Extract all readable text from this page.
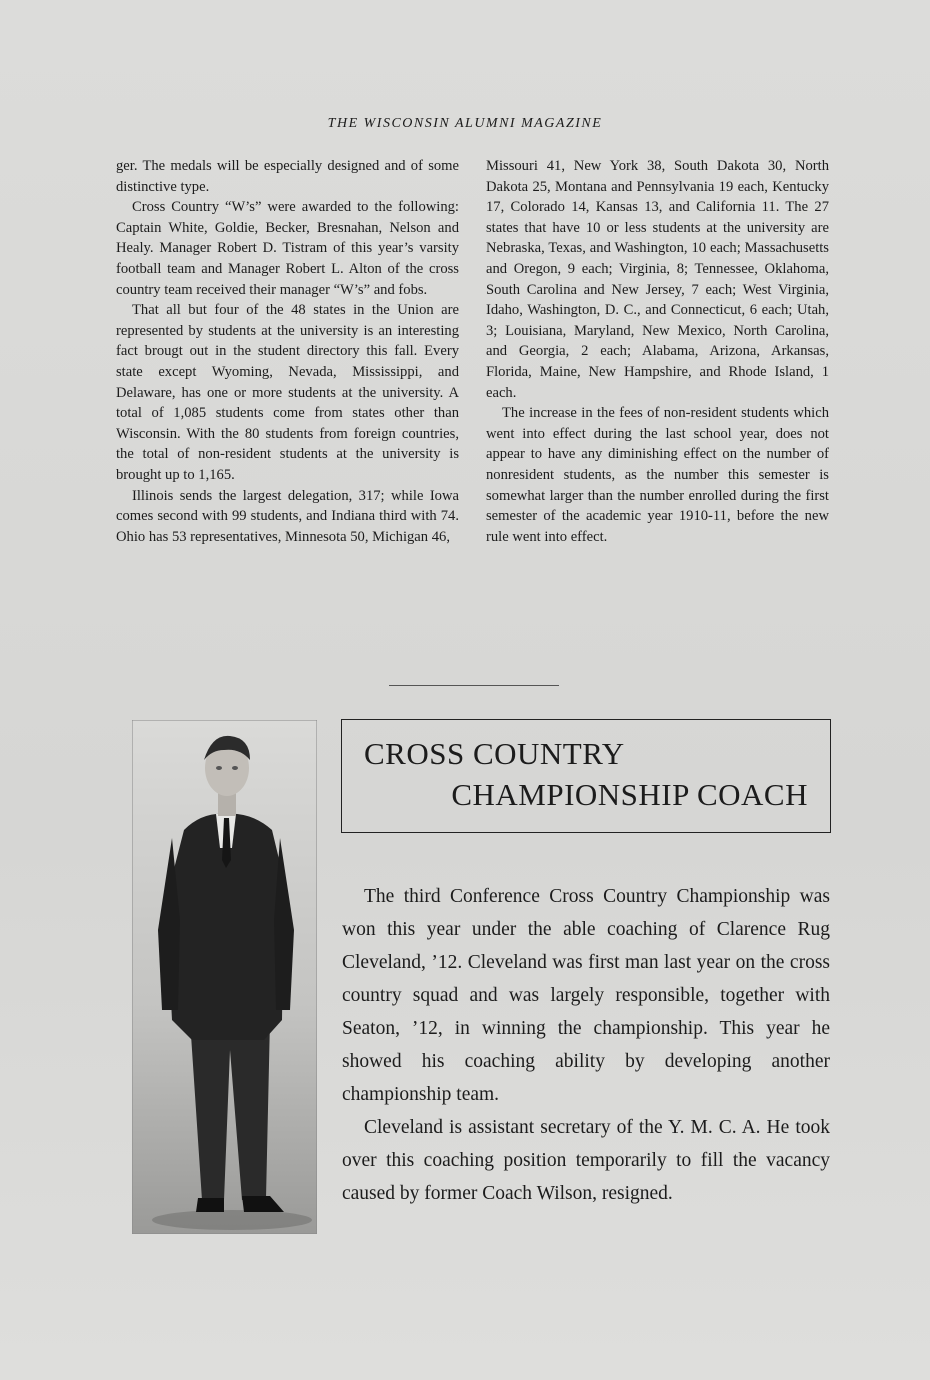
THE WISCONSIN ALUMNI MAGAZINE

ger. The medals will be especially designed and of some distinctive type.

Cross Country “W’s” were awarded to the following: Captain White, Goldie, Becker, Bresnahan, Nelson and Healy. Manager Robert D. Tistram of this year’s varsity football team and Manager Robert L. Alton of the cross country team received their manager “W’s” and fobs.

That all but four of the 48 states in the Union are represented by students at the university is an interesting fact brougt out in the student directory this fall. Every state except Wyoming, Nevada, Mississippi, and Delaware, has one or more students at the university. A total of 1,085 students come from states other than Wisconsin. With the 80 students from foreign countries, the total of non-resident students at the university is brought up to 1,165.

Illinois sends the largest delegation, 317; while Iowa comes second with 99 students, and Indiana third with 74. Ohio has 53 representatives, Minnesota 50, Michigan 46,

Missouri 41, New York 38, South Dakota 30, North Dakota 25, Montana and Pennsylvania 19 each, Kentucky 17, Colorado 14, Kansas 13, and California 11. The 27 states that have 10 or less students at the university are Nebraska, Texas, and Washington, 10 each; Massachusetts and Oregon, 9 each; Virginia, 8; Tennessee, Oklahoma, South Carolina and New Jersey, 7 each; West Virginia, Idaho, Washington, D. C., and Connecticut, 6 each; Utah, 3; Louisiana, Maryland, New Mexico, North Carolina, and Georgia, 2 each; Alabama, Arizona, Arkansas, Florida, Maine, New Hampshire, and Rhode Island, 1 each.

The increase in the fees of non-resident students which went into effect during the last school year, does not appear to have any diminishing effect on the number of nonresident students, as the number this semester is somewhat larger than the number enrolled during the first semester of the academic year 1910-11, before the new rule went into effect.

CROSS COUNTRY
CHAMPIONSHIP COACH

The third Conference Cross Country Championship was won this year under the able coaching of Clarence Rug Cleveland, ’12. Cleveland was first man last year on the cross country squad and was largely responsible, together with Seaton, ’12, in winning the championship. This year he showed his coaching ability by developing another championship team.

Cleveland is assistant secretary of the Y. M. C. A. He took over this coaching position temporarily to fill the vacancy caused by former Coach Wilson, resigned.
